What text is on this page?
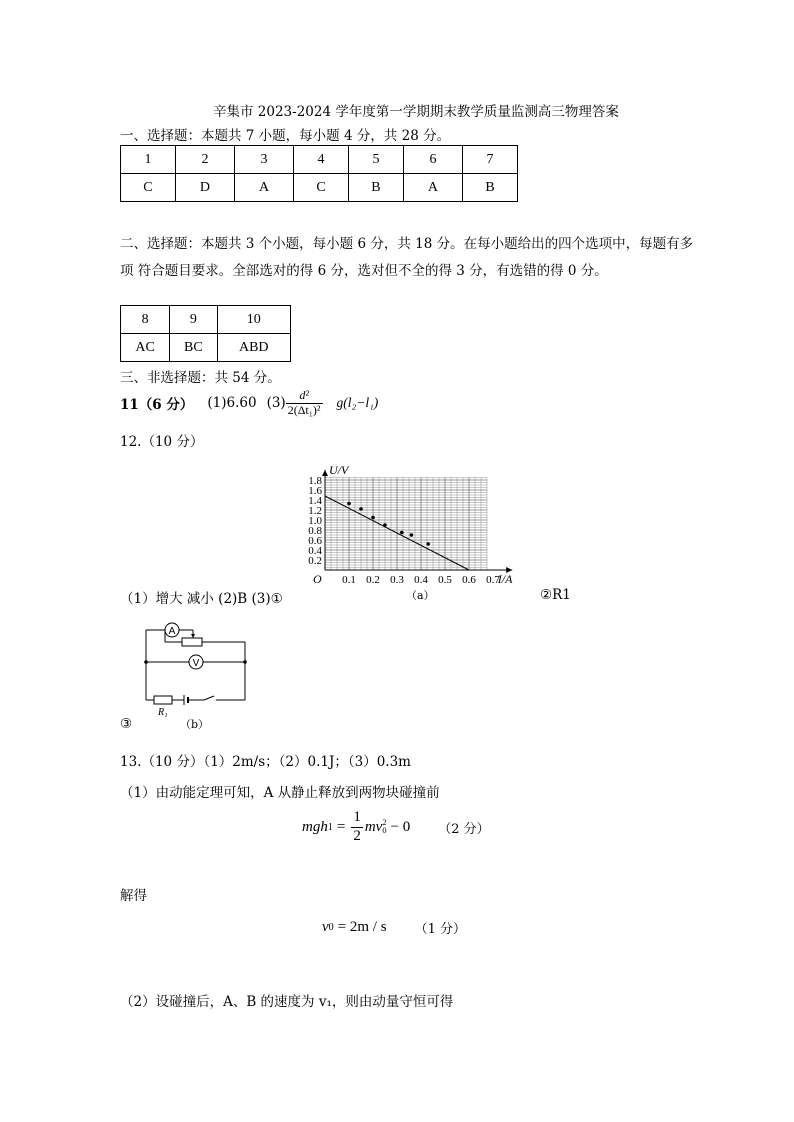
辛集市 2023-2024 学年度第一学期期末教学质量监测高三物理答案
一、选择题：本题共 7 小题，每小题 4 分，共 28 分。
1	2	3	4	5	6	7
C	D	A	C	B	A	B
二、选择题：本题共 3 个小题，每小题 6 分，共 18 分。在每小题给出的四个选项中，每题有多
项 符合题目要求。全部选对的得 6 分，选对但不全的得 3 分，有选错的得 0 分。
8	9	10
AC	BC	ABD
三、非选择题：共 54 分。
11（6 分） (1)6.60 $(3) \frac{\text{d²}}{\text{2(Δt₁)²}} g(l_2-l_1)$
12.（10 分）
0.1 0.2 0.3 0.4 0.5 0.6 0.7
0.2
0.4
0.6
0.8
1.0
1.2
1.4
1.6
1.8
U/V
I/A
O
（a）
（1）增大 减小 (2)B (3)①	②R1
A
V
R₁
③	（b）
13.（10 分）（1）2m/s；（2）0.1J；（3）0.3m
（1）由动能定理可知，A 从静止释放到两物块碰撞前
mgh $1 = \frac{1}{2}$ mv 2
0 − 0 （2 分）
解得
v 0 = 2m / s （1 分）
（2）设碰撞后，A、B 的速度为 v₁，则由动量守恒可得
